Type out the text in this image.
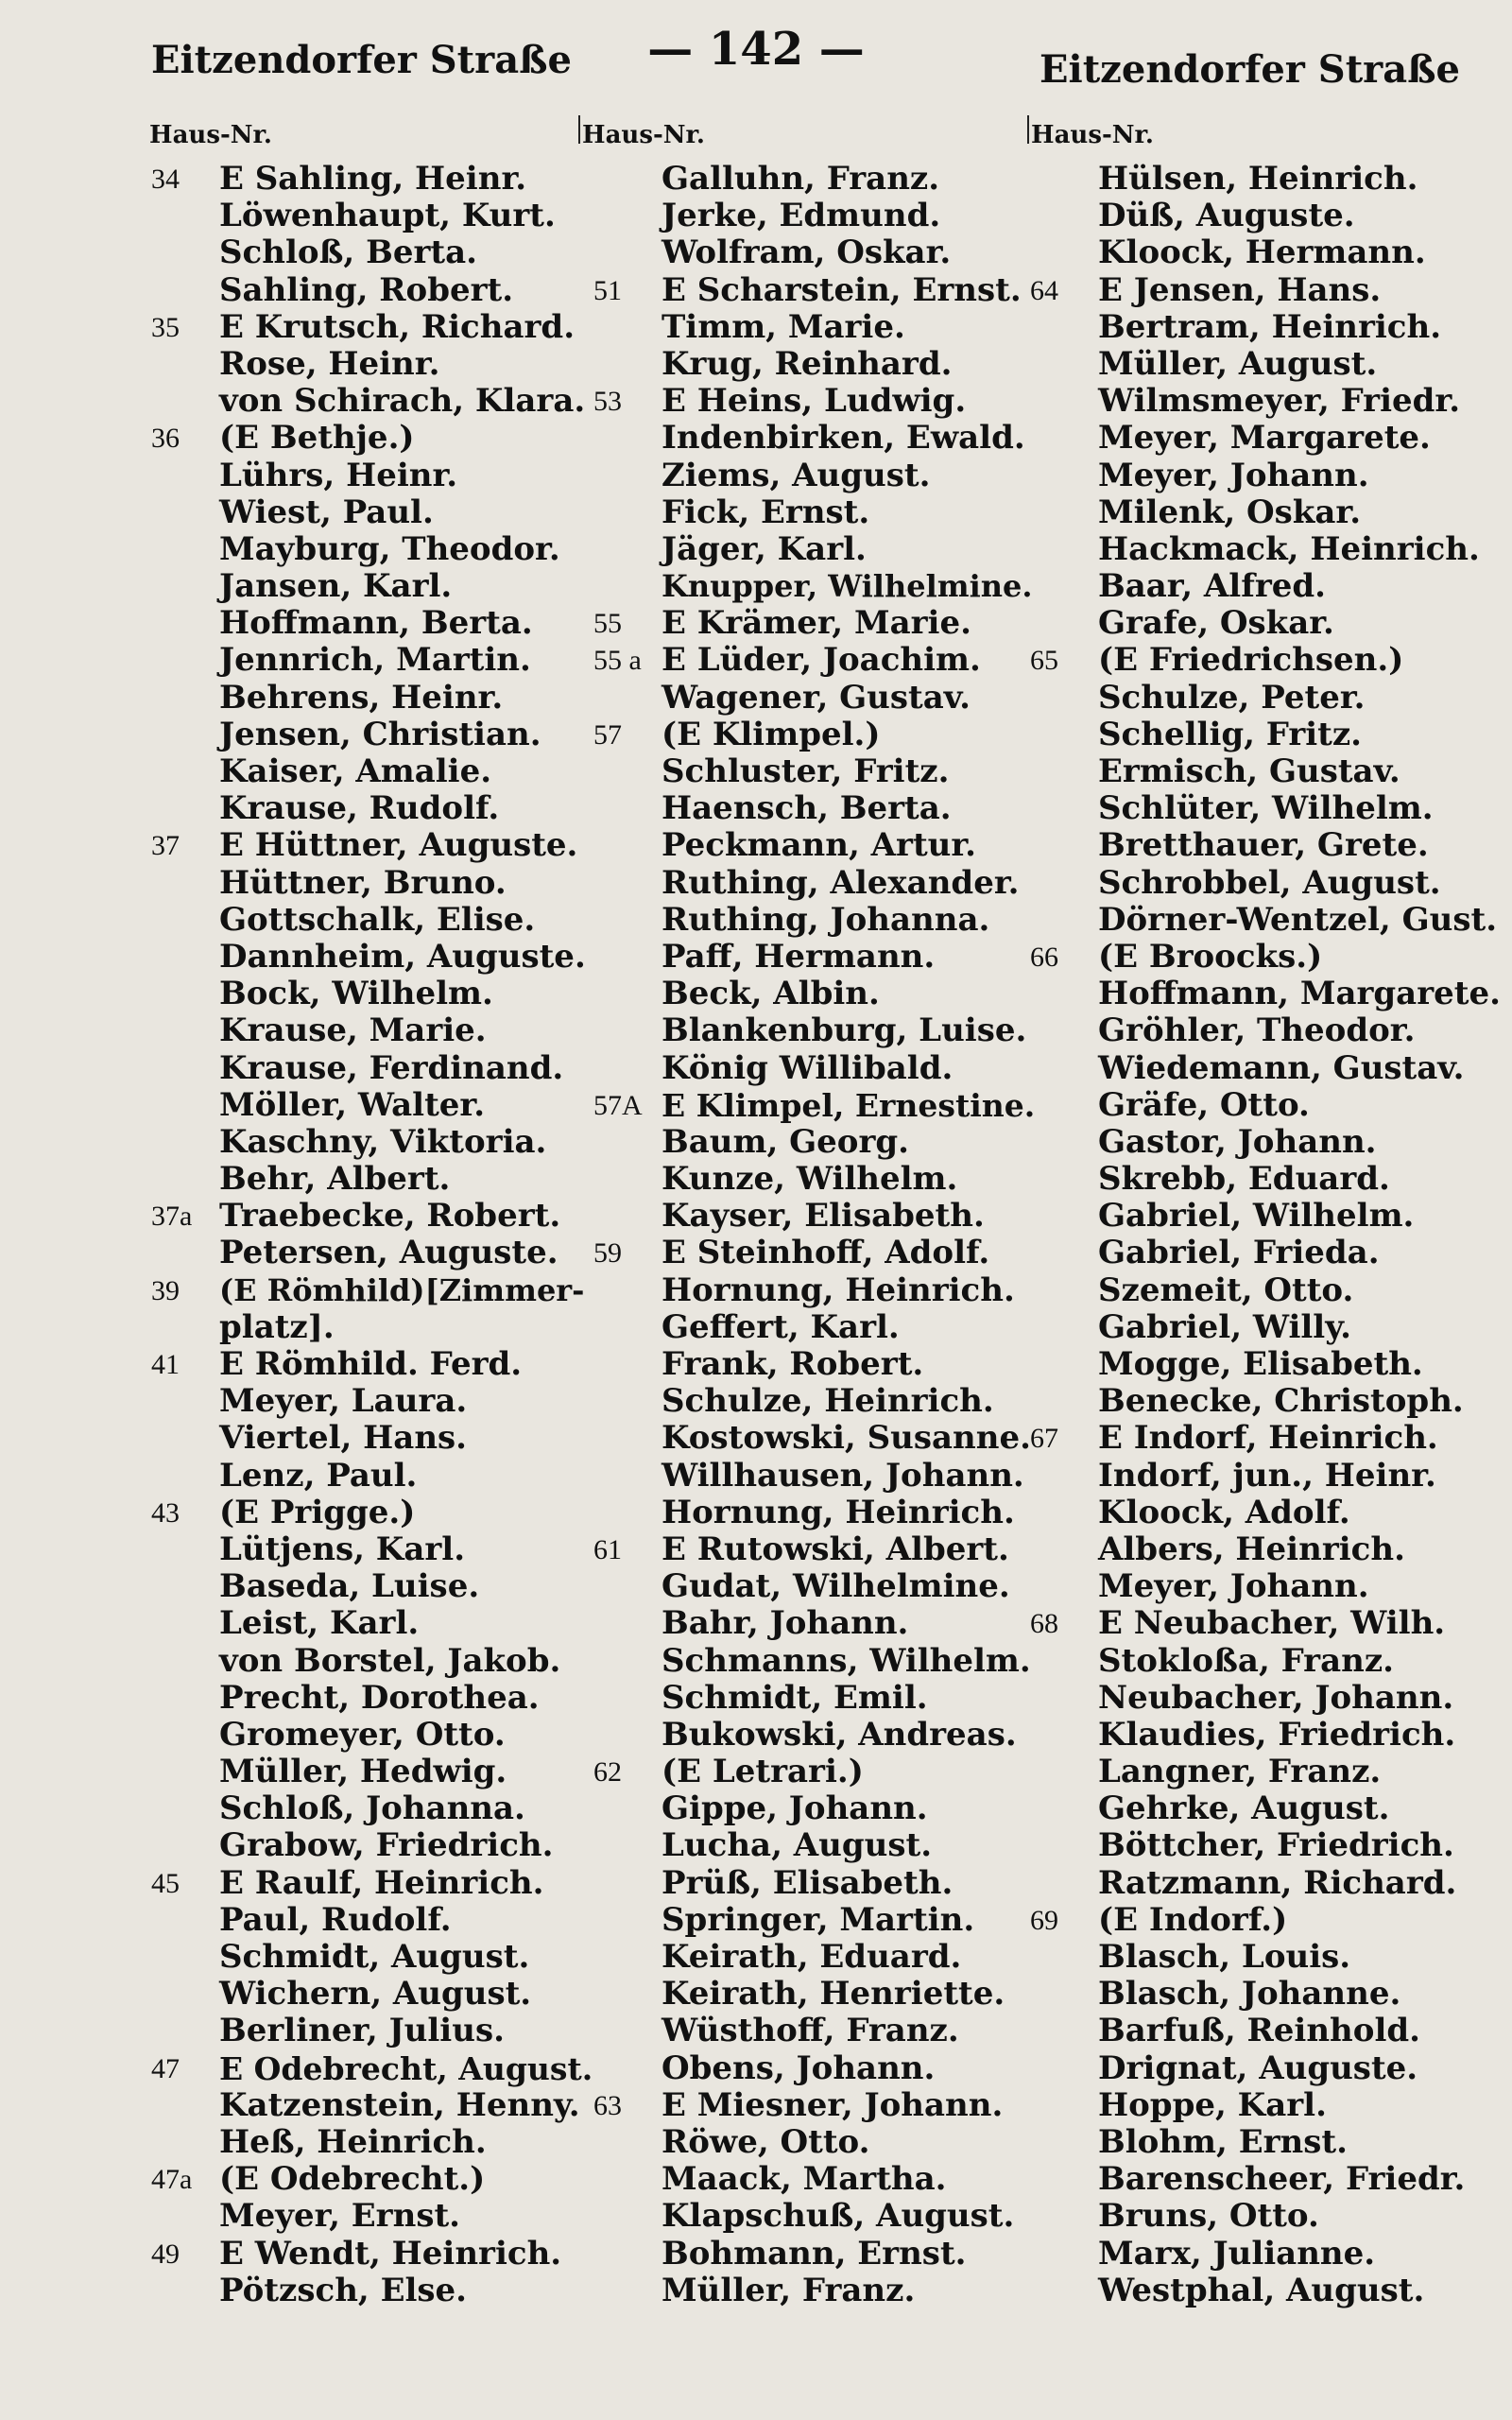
Eitzendorfer Straße	— 142 —	Eitzendorfer Straße
Haus-Nr.	Haus-Nr.	Haus-Nr.
34	E Sahling, Heinr.
Löwenhaupt, Kurt.
Schloß, Berta.
Sahling, Robert.
35	E Krutsch, Richard.
Rose, Heinr.
von Schirach, Klara.
36	(E Bethje.)
Lührs, Heinr.
Wiest, Paul.
Mayburg, Theodor.
Jansen, Karl.
Hoffmann, Berta.
Jennrich, Martin.
Behrens, Heinr.
Jensen, Christian.
Kaiser, Amalie.
Krause, Rudolf.
37	E Hüttner, Auguste.
Hüttner, Bruno.
Gottschalk, Elise.
Dannheim, Auguste.
Bock, Wilhelm.
Krause, Marie.
Krause, Ferdinand.
Möller, Walter.
Kaschny, Viktoria.
Behr, Albert.
37a Traebecke, Robert.
Petersen, Auguste.
39	(E Römhild)[Zimmer-
platz].
41	E Römhild. Ferd.
Meyer, Laura.
Viertel, Hans.
Lenz, Paul.
43	(E Prigge.)
Lütjens, Karl.
Baseda, Luise.
Leist, Karl.
von Borstel, Jakob.
Precht, Dorothea.
Gromeyer, Otto.
Müller, Hedwig.
Schloß, Johanna.
Grabow, Friedrich.
45	E Raulf, Heinrich.
Paul, Rudolf.
Schmidt, August.
Wichern, August.
Berliner, Julius.
47	E Odebrecht, August.
Katzenstein, Henny.
Heß, Heinrich.
47a (E Odebrecht.)
Meyer, Ernst.
49	E Wendt, Heinrich.
Pötzsch, Else.
Galluhn, Franz.
Jerke, Edmund.
Wolfram, Oskar.
51	E Scharstein, Ernst.
Timm, Marie.
Krug, Reinhard.
53	E Heins, Ludwig.
Indenbirken, Ewald.
Ziems, August.
Fick, Ernst.
Jäger, Karl.
Knupper, Wilhelmine.
55	E Krämer, Marie.
55 a E Lüder, Joachim.
Wagener, Gustav.
57	(E Klimpel.)
Schluster, Fritz.
Haensch, Berta.
Peckmann, Artur.
Ruthing, Alexander.
Ruthing, Johanna.
Paff, Hermann.
Beck, Albin.
Blankenburg, Luise.
König Willibald.
57A E Klimpel, Ernestine.
Baum, Georg.
Kunze, Wilhelm.
Kayser, Elisabeth.
59	E Steinhoff, Adolf.
Hornung, Heinrich.
Geffert, Karl.
Frank, Robert.
Schulze, Heinrich.
Kostowski, Susanne.
Willhausen, Johann.
Hornung, Heinrich.
61	E Rutowski, Albert.
Gudat, Wilhelmine.
Bahr, Johann.
Schmanns, Wilhelm.
Schmidt, Emil.
Bukowski, Andreas.
62	(E Letrari.)
Gippe, Johann.
Lucha, August.
Prüß, Elisabeth.
Springer, Martin.
Keirath, Eduard.
Keirath, Henriette.
Wüsthoff, Franz.
Obens, Johann.
63	E Miesner, Johann.
Röwe, Otto.
Maack, Martha.
Klapschuß, August.
Bohmann, Ernst.
Müller, Franz.
Hülsen, Heinrich.
Düß, Auguste.
Kloock, Hermann.
64	E Jensen, Hans.
Bertram, Heinrich.
Müller, August.
Wilmsmeyer, Friedr.
Meyer, Margarete.
Meyer, Johann.
Milenk, Oskar.
Hackmack, Heinrich.
Baar, Alfred.
Grafe, Oskar.
65	(E Friedrichsen.)
Schulze, Peter.
Schellig, Fritz.
Ermisch, Gustav.
Schlüter, Wilhelm.
Bretthauer, Grete.
Schrobbel, August.
Dörner-Wentzel, Gust.
66	(E Broocks.)
Hoffmann, Margarete.
Gröhler, Theodor.
Wiedemann, Gustav.
Gräfe, Otto.
Gastor, Johann.
Skrebb, Eduard.
Gabriel, Wilhelm.
Gabriel, Frieda.
Szemeit, Otto.
Gabriel, Willy.
Mogge, Elisabeth.
Benecke, Christoph.
67	E Indorf, Heinrich.
Indorf, jun., Heinr.
Kloock, Adolf.
Albers, Heinrich.
Meyer, Johann.
68	E Neubacher, Wilh.
Stokloßa, Franz.
Neubacher, Johann.
Klaudies, Friedrich.
Langner, Franz.
Gehrke, August.
Böttcher, Friedrich.
Ratzmann, Richard.
69	(E Indorf.)
Blasch, Louis.
Blasch, Johanne.
Barfuß, Reinhold.
Drignat, Auguste.
Hoppe, Karl.
Blohm, Ernst.
Barenscheer, Friedr.
Bruns, Otto.
Marx, Julianne.
Westphal, August.
